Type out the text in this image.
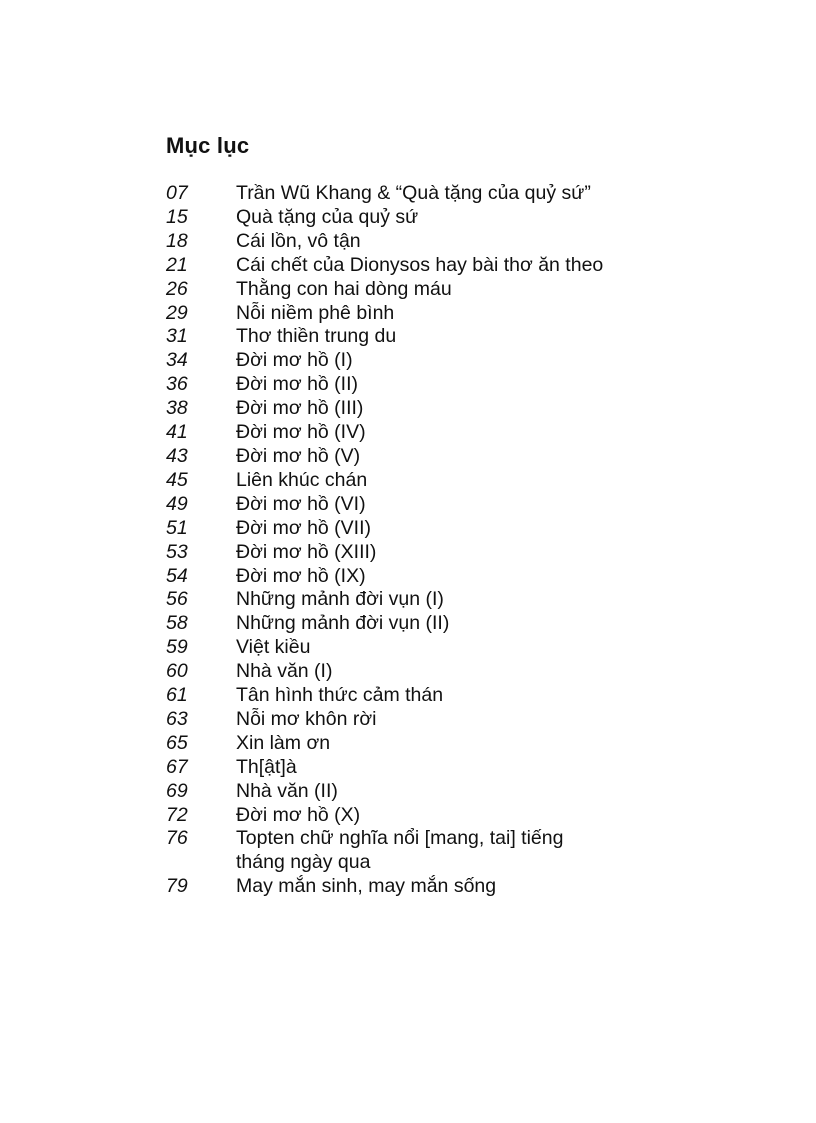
Mục lục
07	Trần Wũ Khang & “Quà tặng của quỷ sứ”
15	Quà tặng của quỷ sứ
18	Cái lồn, vô tận
21	Cái chết của Dionysos hay bài thơ ăn theo
26	Thằng con hai dòng máu
29	Nỗi niềm phê bình
31	Thơ thiền trung du
34	Đời mơ hồ (I)
36	Đời mơ hồ (II)
38	Đời mơ hồ (III)
41	Đời mơ hồ (IV)
43	Đời mơ hồ (V)
45	Liên khúc chán
49	Đời mơ hồ (VI)
51	Đời mơ hồ (VII)
53	Đời mơ hồ (XIII)
54	Đời mơ hồ (IX)
56	Những mảnh đời vụn (I)
58	Những mảnh đời vụn (II)
59	Việt kiều
60	Nhà văn (I)
61	Tân hình thức cảm thán
63	Nỗi mơ khôn rời
65	Xin làm ơn
67	Th[ật]à
69	Nhà văn (II)
72	Đời mơ hồ (X)
76	Topten chữ nghĩa nổi [mang, tai] tiếng
tháng ngày qua
79	May mắn sinh, may mắn sống
